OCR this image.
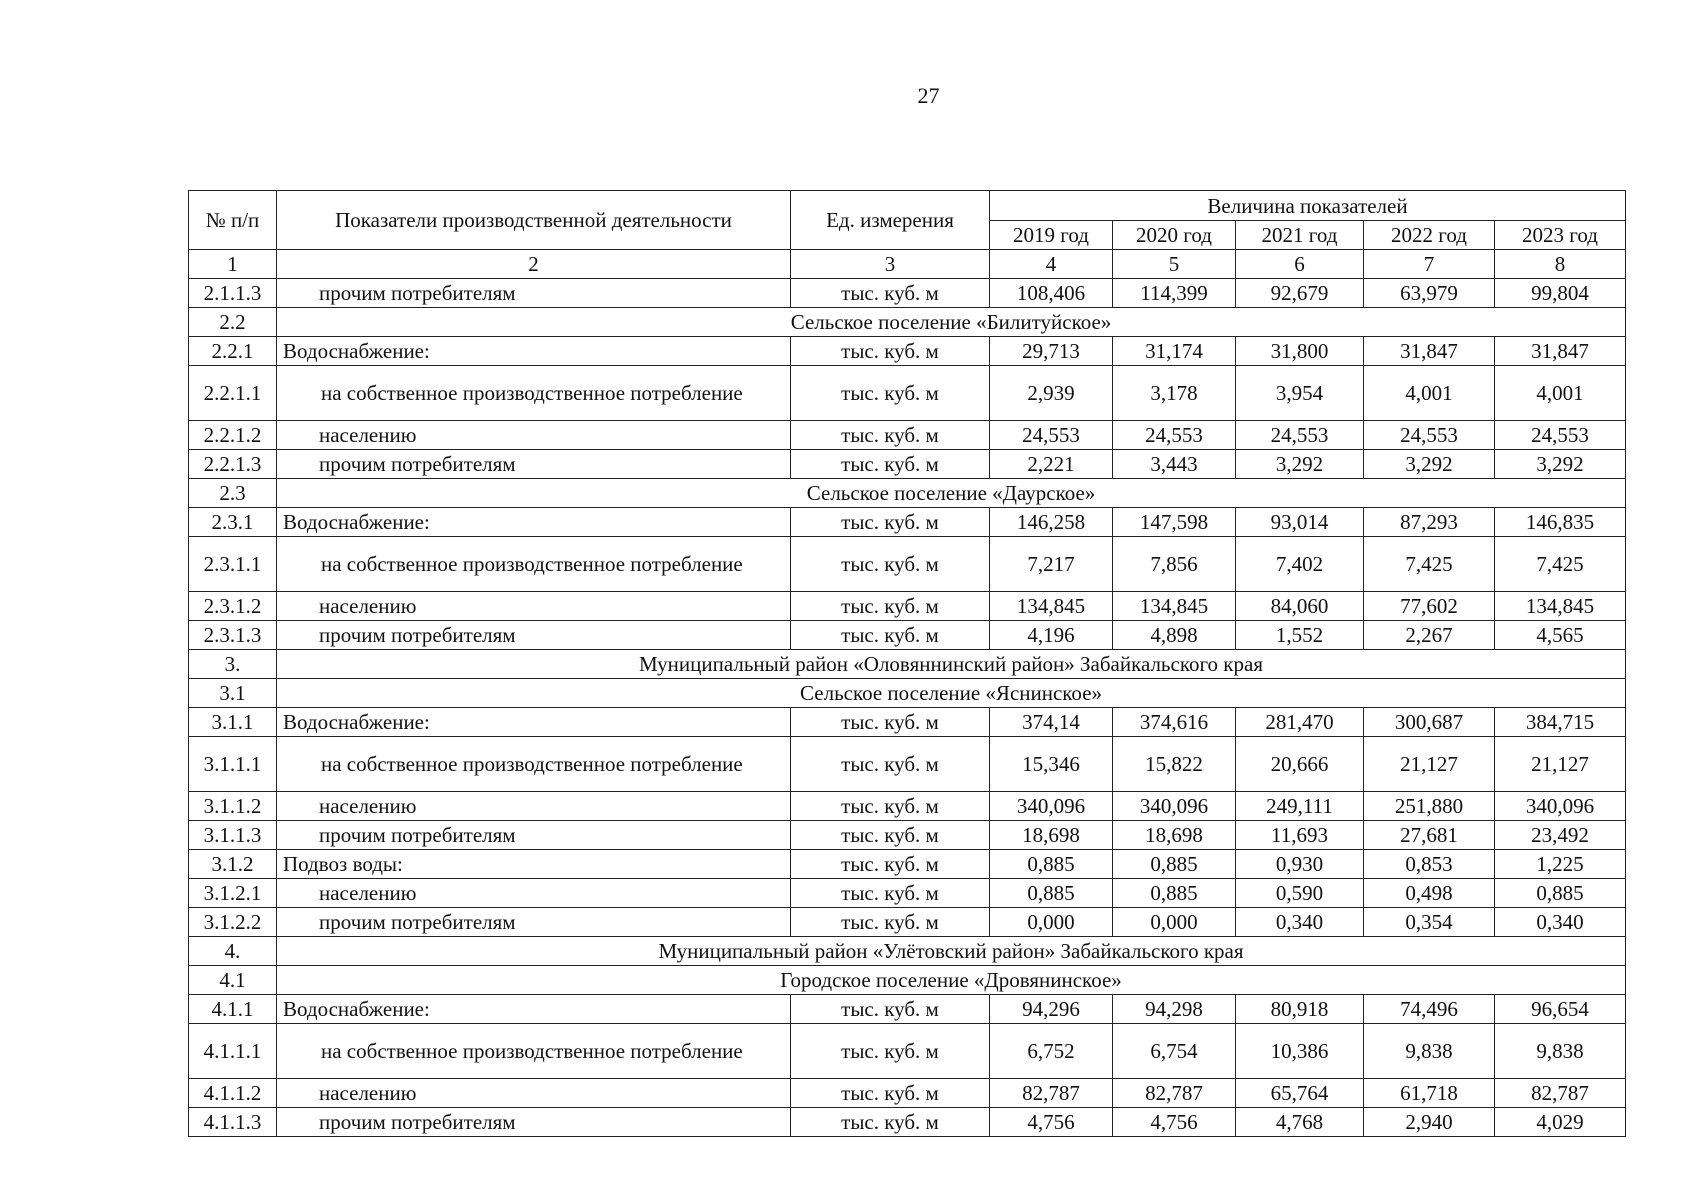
27
№ п/п	Показатели производственной деятельности	Ед. измерения	Величина показателей				
			2019 год	2020 год	2021 год	2022 год	2023 год
1	2	3	4	5	6	7	8
2.1.1.3	прочим потребителям	тыс. куб. м	108,406	114,399	92,679	63,979	99,804
2.2	Сельское поселение «Билитуйское»						
2.2.1	Водоснабжение:	тыс. куб. м	29,713	31,174	31,800	31,847	31,847
2.2.1.1	на собственное производственное потребление	тыс. куб. м	2,939	3,178	3,954	4,001	4,001
2.2.1.2	населению	тыс. куб. м	24,553	24,553	24,553	24,553	24,553
2.2.1.3	прочим потребителям	тыс. куб. м	2,221	3,443	3,292	3,292	3,292
2.3	Сельское поселение «Даурское»						
2.3.1	Водоснабжение:	тыс. куб. м	146,258	147,598	93,014	87,293	146,835
2.3.1.1	на собственное производственное потребление	тыс. куб. м	7,217	7,856	7,402	7,425	7,425
2.3.1.2	населению	тыс. куб. м	134,845	134,845	84,060	77,602	134,845
2.3.1.3	прочим потребителям	тыс. куб. м	4,196	4,898	1,552	2,267	4,565
3.	Муниципальный район «Оловяннинский район» Забайкальского края						
3.1	Сельское поселение «Яснинское»						
3.1.1	Водоснабжение:	тыс. куб. м	374,14	374,616	281,470	300,687	384,715
3.1.1.1	на собственное производственное потребление	тыс. куб. м	15,346	15,822	20,666	21,127	21,127
3.1.1.2	населению	тыс. куб. м	340,096	340,096	249,111	251,880	340,096
3.1.1.3	прочим потребителям	тыс. куб. м	18,698	18,698	11,693	27,681	23,492
3.1.2	Подвоз воды:	тыс. куб. м	0,885	0,885	0,930	0,853	1,225
3.1.2.1	населению	тыс. куб. м	0,885	0,885	0,590	0,498	0,885
3.1.2.2	прочим потребителям	тыс. куб. м	0,000	0,000	0,340	0,354	0,340
4.	Муниципальный район «Улётовский район» Забайкальского края						
4.1	Городское поселение «Дровянинское»						
4.1.1	Водоснабжение:	тыс. куб. м	94,296	94,298	80,918	74,496	96,654
4.1.1.1	на собственное производственное потребление	тыс. куб. м	6,752	6,754	10,386	9,838	9,838
4.1.1.2	населению	тыс. куб. м	82,787	82,787	65,764	61,718	82,787
4.1.1.3	прочим потребителям	тыс. куб. м	4,756	4,756	4,768	2,940	4,029
